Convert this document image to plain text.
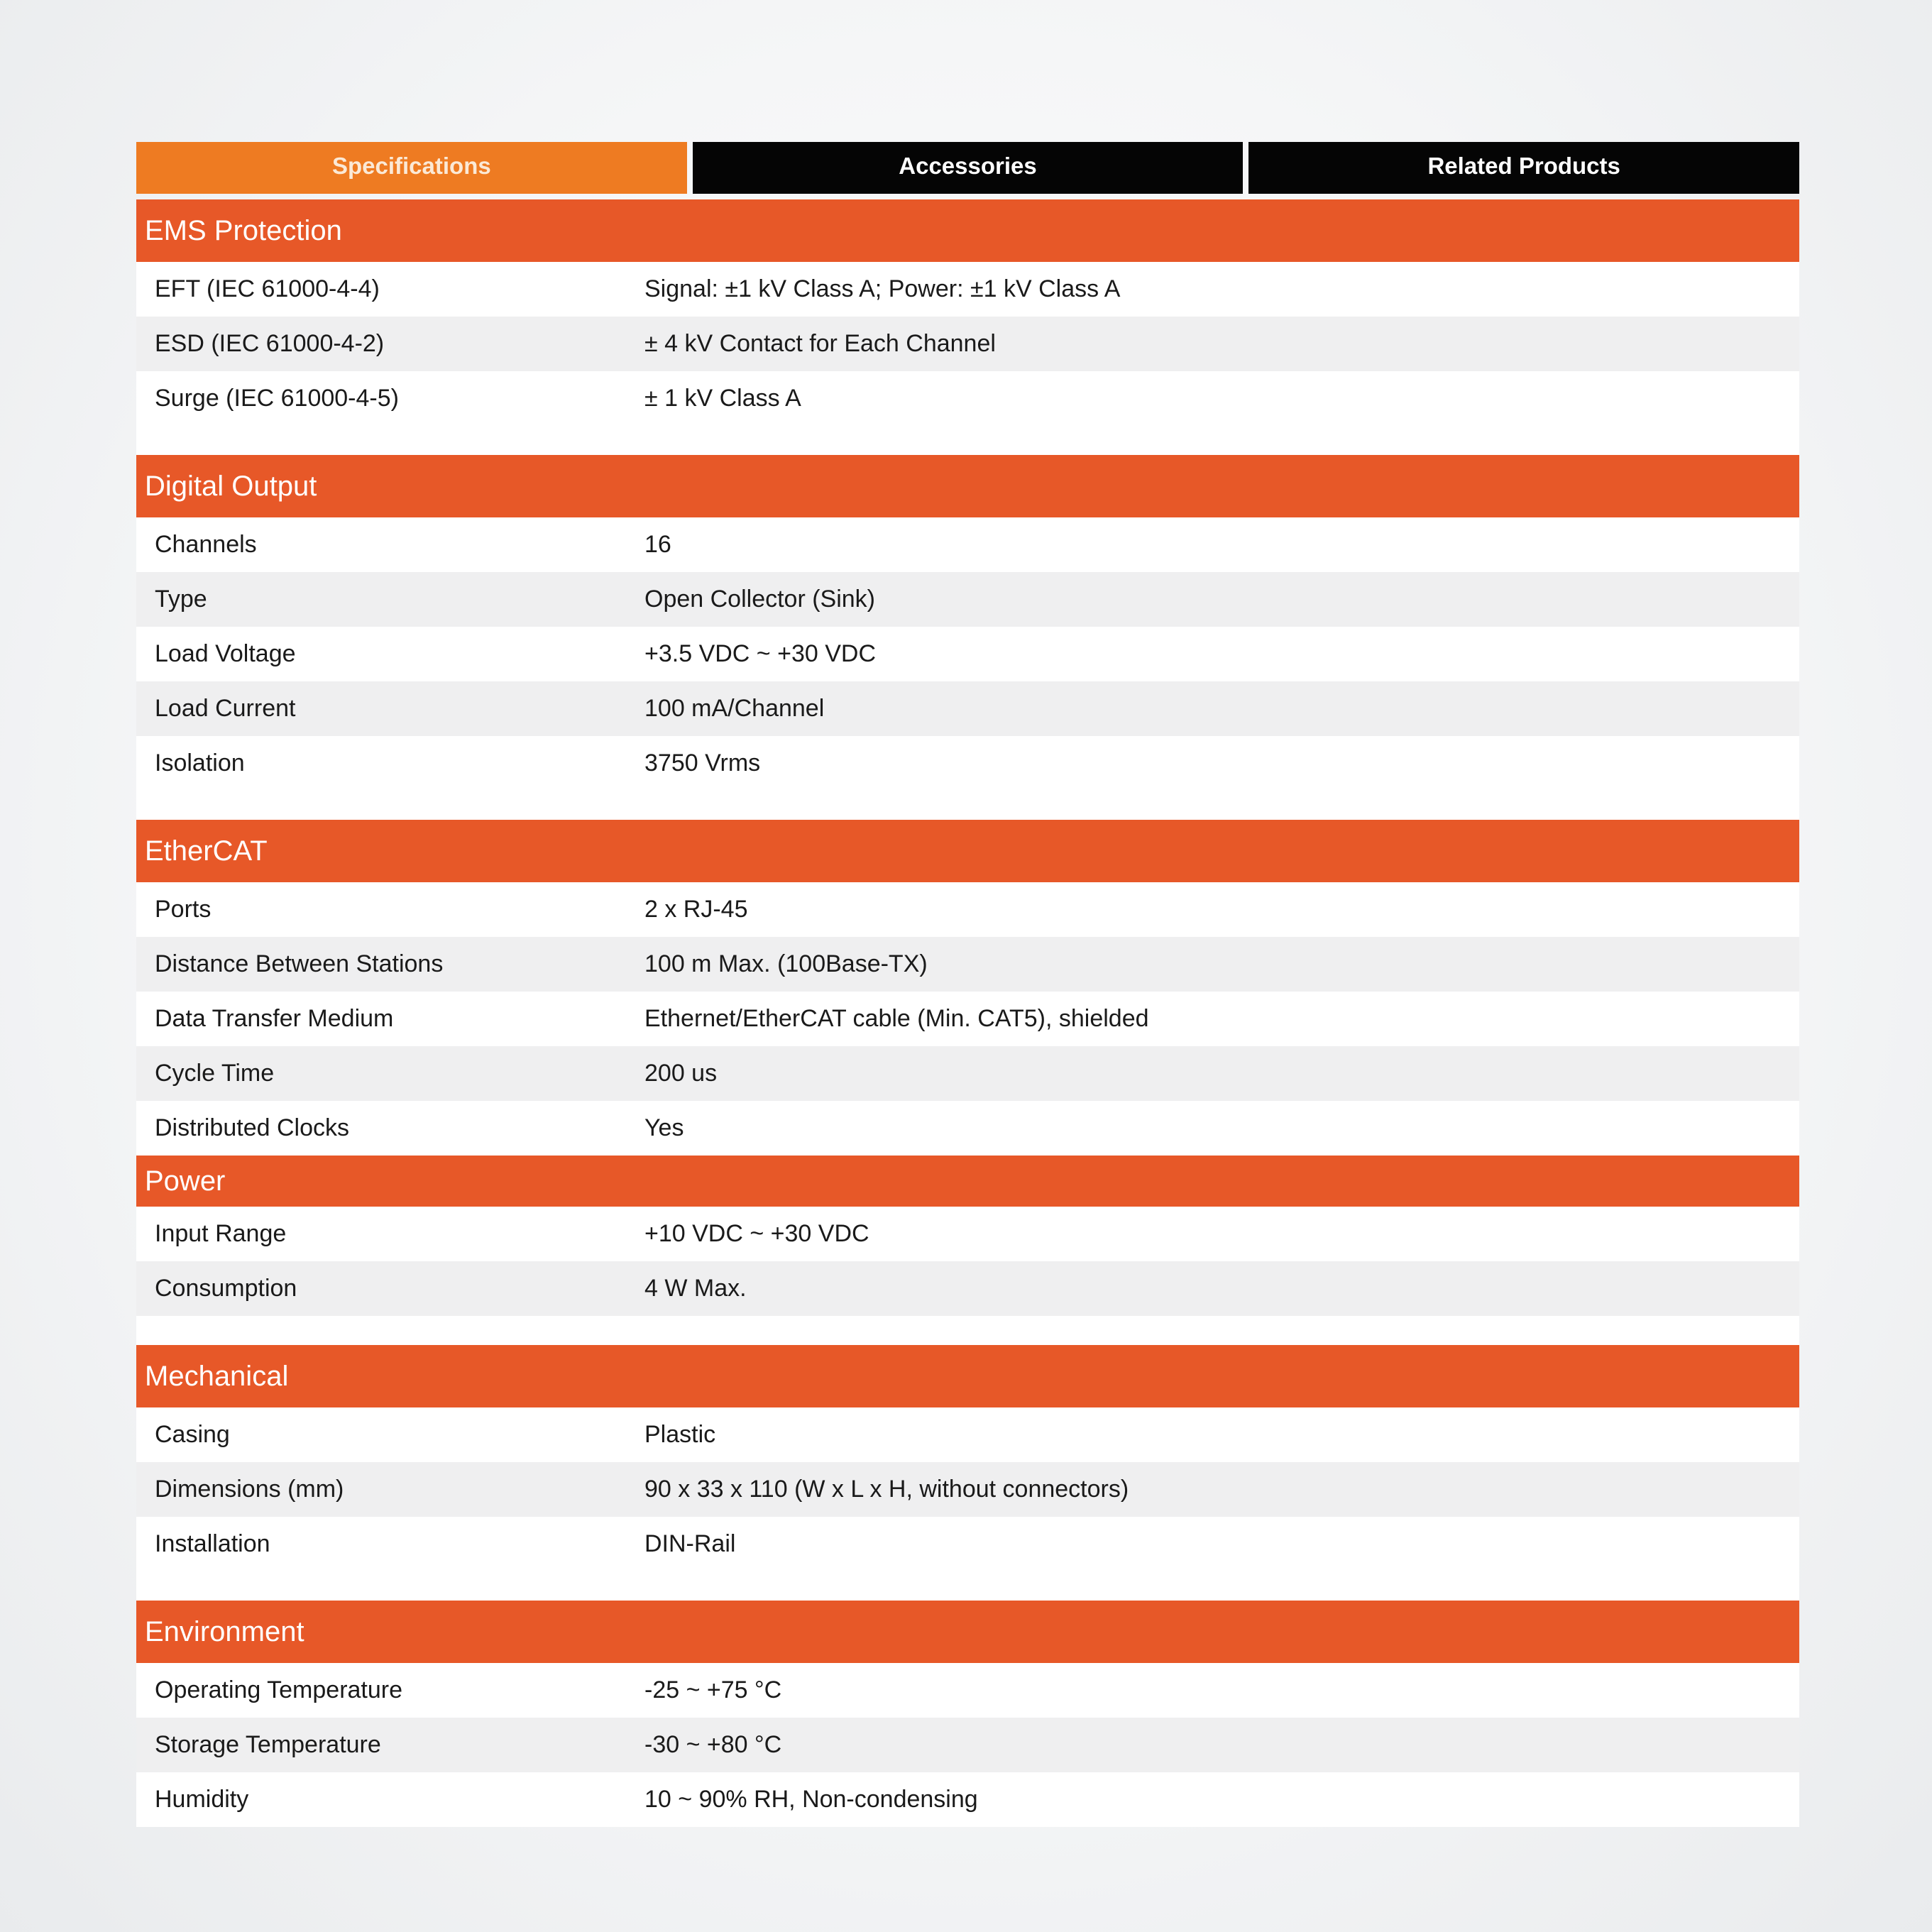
Specifications	Accessories	Related Products
EMS Protection
EFT (IEC 61000-4-4)	Signal: ±1 kV Class A; Power: ±1 kV Class A
ESD (IEC 61000-4-2)	± 4 kV Contact for Each Channel
Surge (IEC 61000-4-5)	± 1 kV Class A
Digital Output
Channels	16
Type	Open Collector (Sink)
Load Voltage	+3.5 VDC ~ +30 VDC
Load Current	100 mA/Channel
Isolation	3750 Vrms
EtherCAT
Ports	2 x RJ-45
Distance Between Stations	100 m Max. (100Base-TX)
Data Transfer Medium	Ethernet/EtherCAT cable (Min. CAT5), shielded
Cycle Time	200 us
Distributed Clocks	Yes
Power
Input Range	+10 VDC ~ +30 VDC
Consumption	4 W Max.
Mechanical
Casing	Plastic
Dimensions (mm)	90 x 33 x 110 (W x L x H, without connectors)
Installation	DIN-Rail
Environment
Operating Temperature	-25 ~ +75 °C
Storage Temperature	-30 ~ +80 °C
Humidity	10 ~ 90% RH, Non-condensing
